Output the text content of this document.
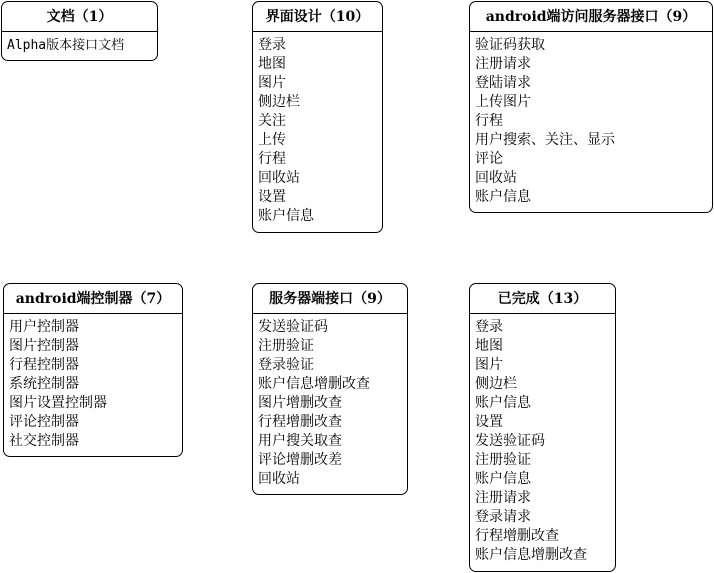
文档（1）
Alpha版本接口文档
界面设计（10）
登录
地图
图片
侧边栏
关注
上传
行程
回收站
设置
账户信息
android端访问服务器接口（9）
验证码获取
注册请求
登陆请求
上传图片
行程
用户搜索、关注、显示
评论
回收站
账户信息
android端控制器（7）
用户控制器
图片控制器
行程控制器
系统控制器
图片设置控制器
评论控制器
社交控制器
服务器端接口（9）
发送验证码
注册验证
登录验证
账户信息增删改查
图片增删改查
行程增删改查
用户搜关取查
评论增删改差
回收站
已完成（13）
登录
地图
图片
侧边栏
账户信息
设置
发送验证码
注册验证
账户信息
注册请求
登录请求
行程增删改查
账户信息增删改查
